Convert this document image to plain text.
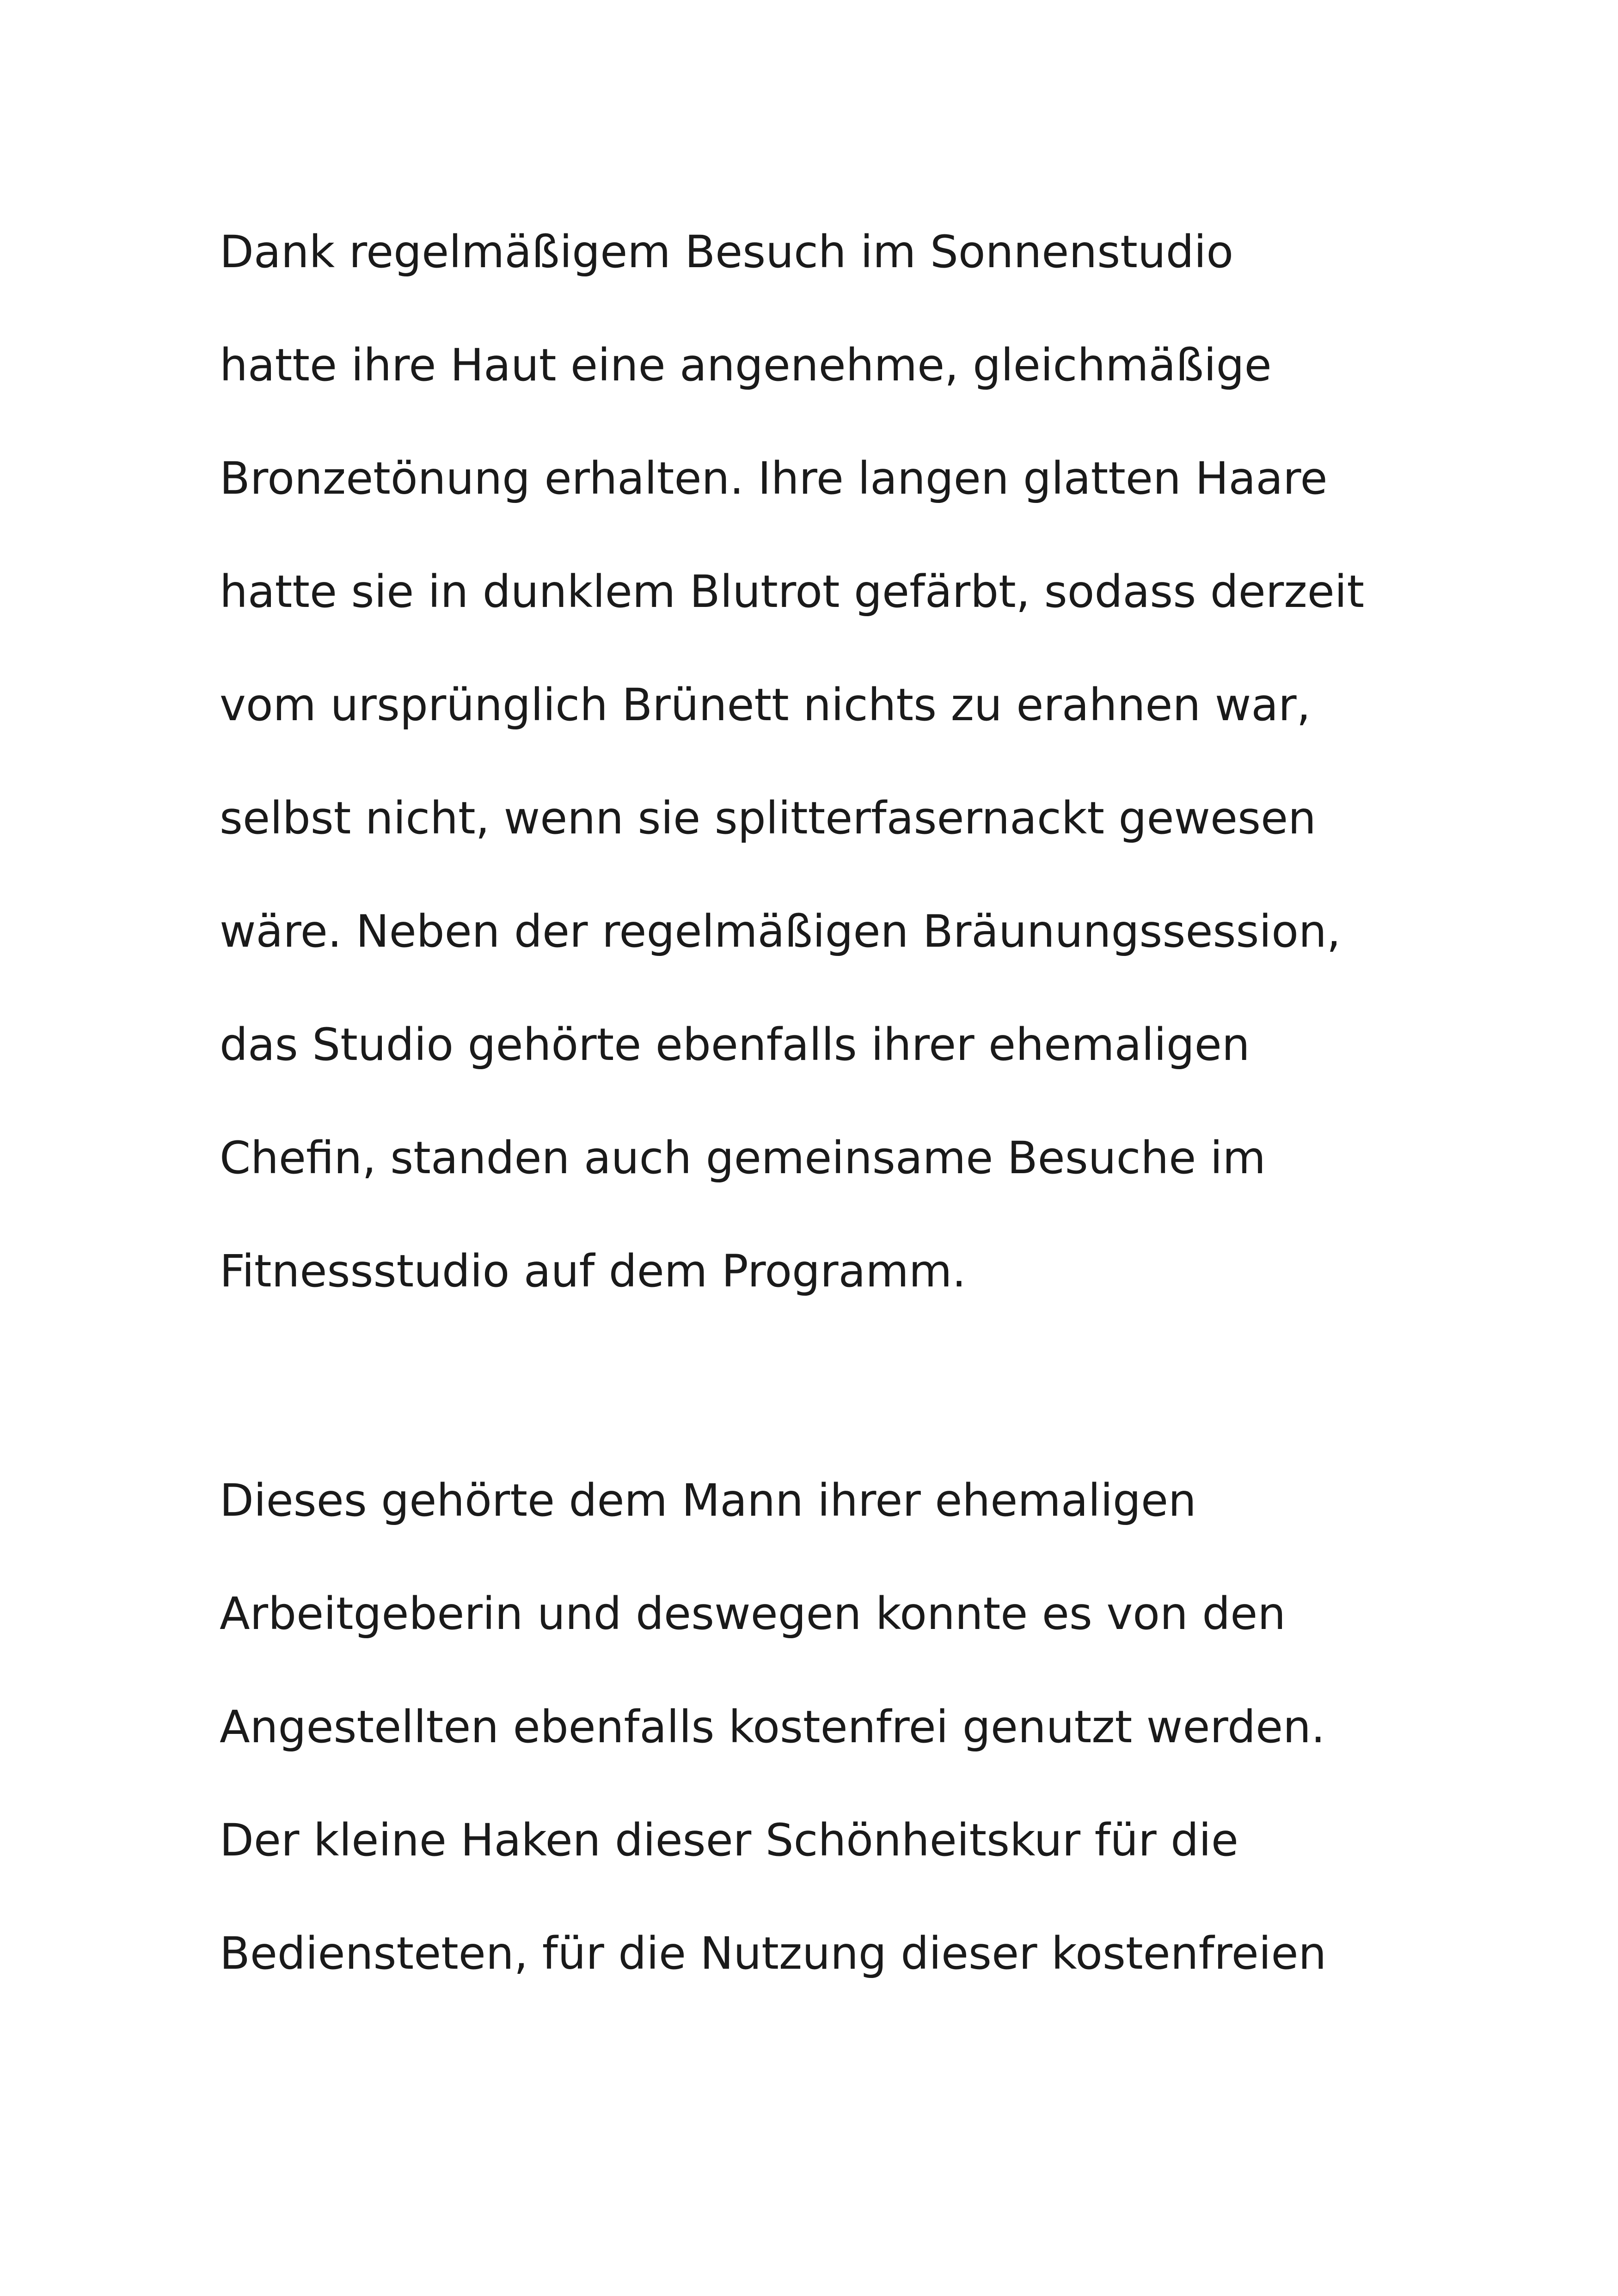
Dank regelmäßigem Besuch im Sonnenstudio
hatte ihre Haut eine angenehme, gleichmäßige
Bronzetönung erhalten. Ihre langen glatten Haare
hatte sie in dunklem Blutrot gefärbt, sodass derzeit
vom ursprünglich Brünett nichts zu erahnen war,
selbst nicht, wenn sie splitterfasernackt gewesen
wäre. Neben der regelmäßigen Bräunungssession,
das Studio gehörte ebenfalls ihrer ehemaligen
Chefin, standen auch gemeinsame Besuche im
Fitnessstudio auf dem Programm.
Dieses gehörte dem Mann ihrer ehemaligen
Arbeitgeberin und deswegen konnte es von den
Angestellten ebenfalls kostenfrei genutzt werden.
Der kleine Haken dieser Schönheitskur für die
Bediensteten, für die Nutzung dieser kostenfreien
